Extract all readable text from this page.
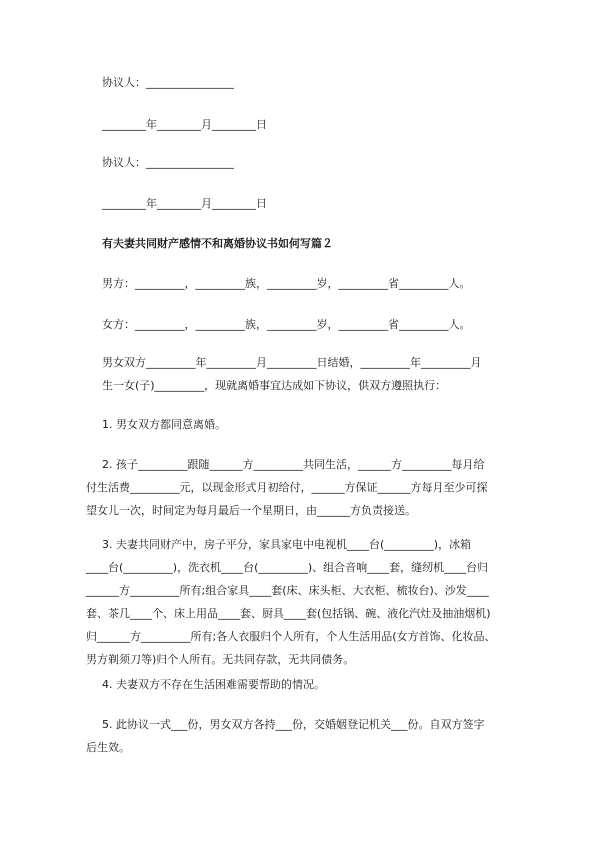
协议人：________________
________年________月________日
协议人：________________
________年________月________日
有夫妻共同财产感情不和离婚协议书如何写篇２
男方：_________，_________族，_________岁，_________省_________人。
女方：_________，_________族，_________岁，_________省_________人。
男女双方_________年_________月_________日结婚，_________年_________月
生一女(子)_________，现就离婚事宜达成如下协议，供双方遵照执行：
1. 男女双方都同意离婚。
2. 孩子_________跟随______方_________共同生活，______方_________每月给
付生活费_________元，以现金形式月初给付，______方保证______方每月至少可探
望女儿一次，时间定为每月最后一个星期日，由______方负责接送。
3. 夫妻共同财产中，房子平分，家具家电中电视机____台(_________)，冰箱
____台(_________)，洗衣机____台(_________)、组合音响____套，缝纫机____台归
______方_________所有;组合家具____套(床、床头柜、大衣柜、梳妆台)、沙发____
套、茶几____个、床上用品____套、厨具____套(包括锅、碗、液化汽灶及抽油烟机)
归______方_________所有;各人衣服归个人所有，个人生活用品(女方首饰、化妆品、
男方剃须刀等)归个人所有。无共同存款，无共同债务。
4. 夫妻双方不存在生活困难需要帮助的情况。
5. 此协议一式___份，男女双方各持___份，交婚姻登记机关___份。自双方签字
后生效。
